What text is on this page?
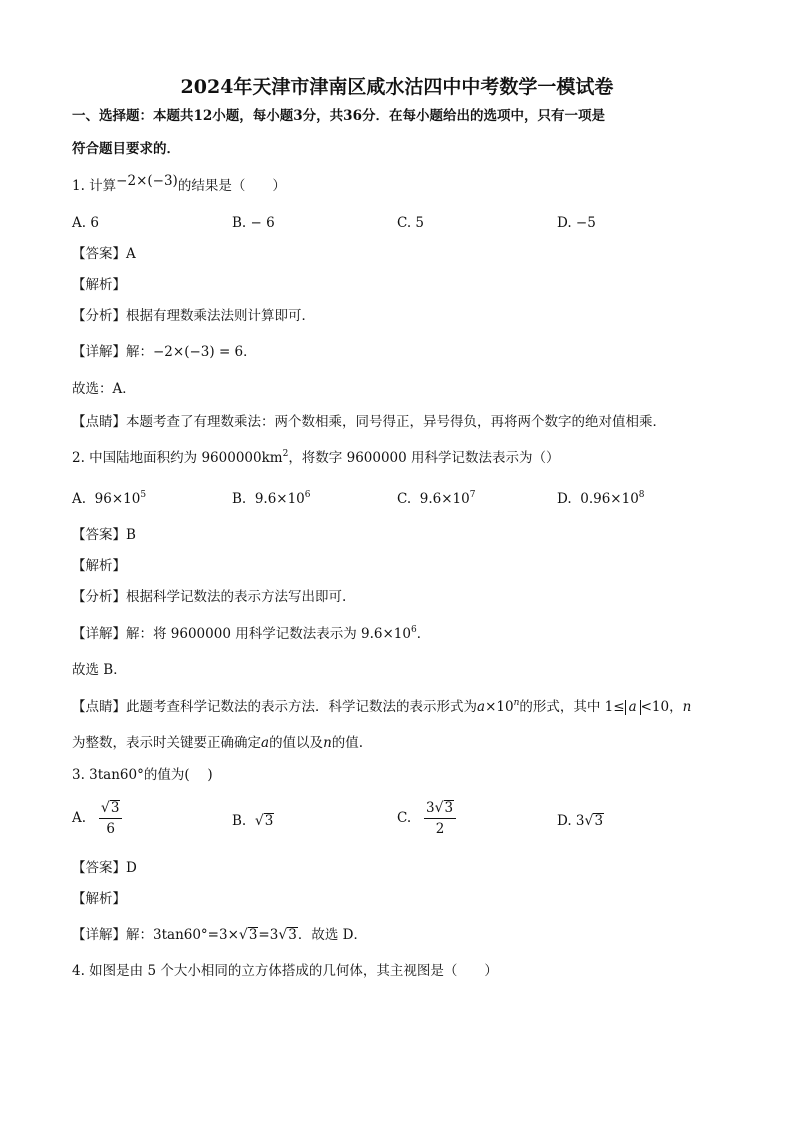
2024年天津市津南区咸水沽四中中考数学一模试卷
一、选择题：本题共12小题，每小题3分，共36分．在每小题给出的选项中，只有一项是
符合题目要求的．
1. 计算−2×(−3)的结果是（　　）
A. 6	B. − 6	C. 5	D. −5
【答案】A
【解析】
【分析】根据有理数乘法法则计算即可．
【详解】解：−2×(−3) = 6．
故选：A．
【点睛】本题考查了有理数乘法：两个数相乘，同号得正，异号得负，再将两个数字的绝对值相乘．
2. 中国陆地面积约为 $9600000km^2$，将数字 9600000 用科学记数法表示为（）
A. $96\times 10^5$	B. $9.6\times 10^6$	C. $9.6\times 10^7$	D. $0.96\times 10^8$
【答案】B
【解析】
【分析】根据科学记数法的表示方法写出即可.
【详解】解：将 9600000 用科学记数法表示为 $9.6\times 10^6$．
故选 B．
【点睛】此题考查科学记数法的表示方法．科学记数法的表示形式为$a\times 10^n$的形式，其中 1≤ a <10，n
为整数，表示时关键要正确确定a的值以及n的值.
3. 3tan60°的值为(　 )
A. $\frac{√3}{6}$	B. √3	C. $\frac{3√3}{2}$	D. 3√3
【答案】D
【解析】
【详解】解：3tan60°=3×√3=3√3．故选 D．
4. 如图是由 5 个大小相同的立方体搭成的几何体，其主视图是（　　）
